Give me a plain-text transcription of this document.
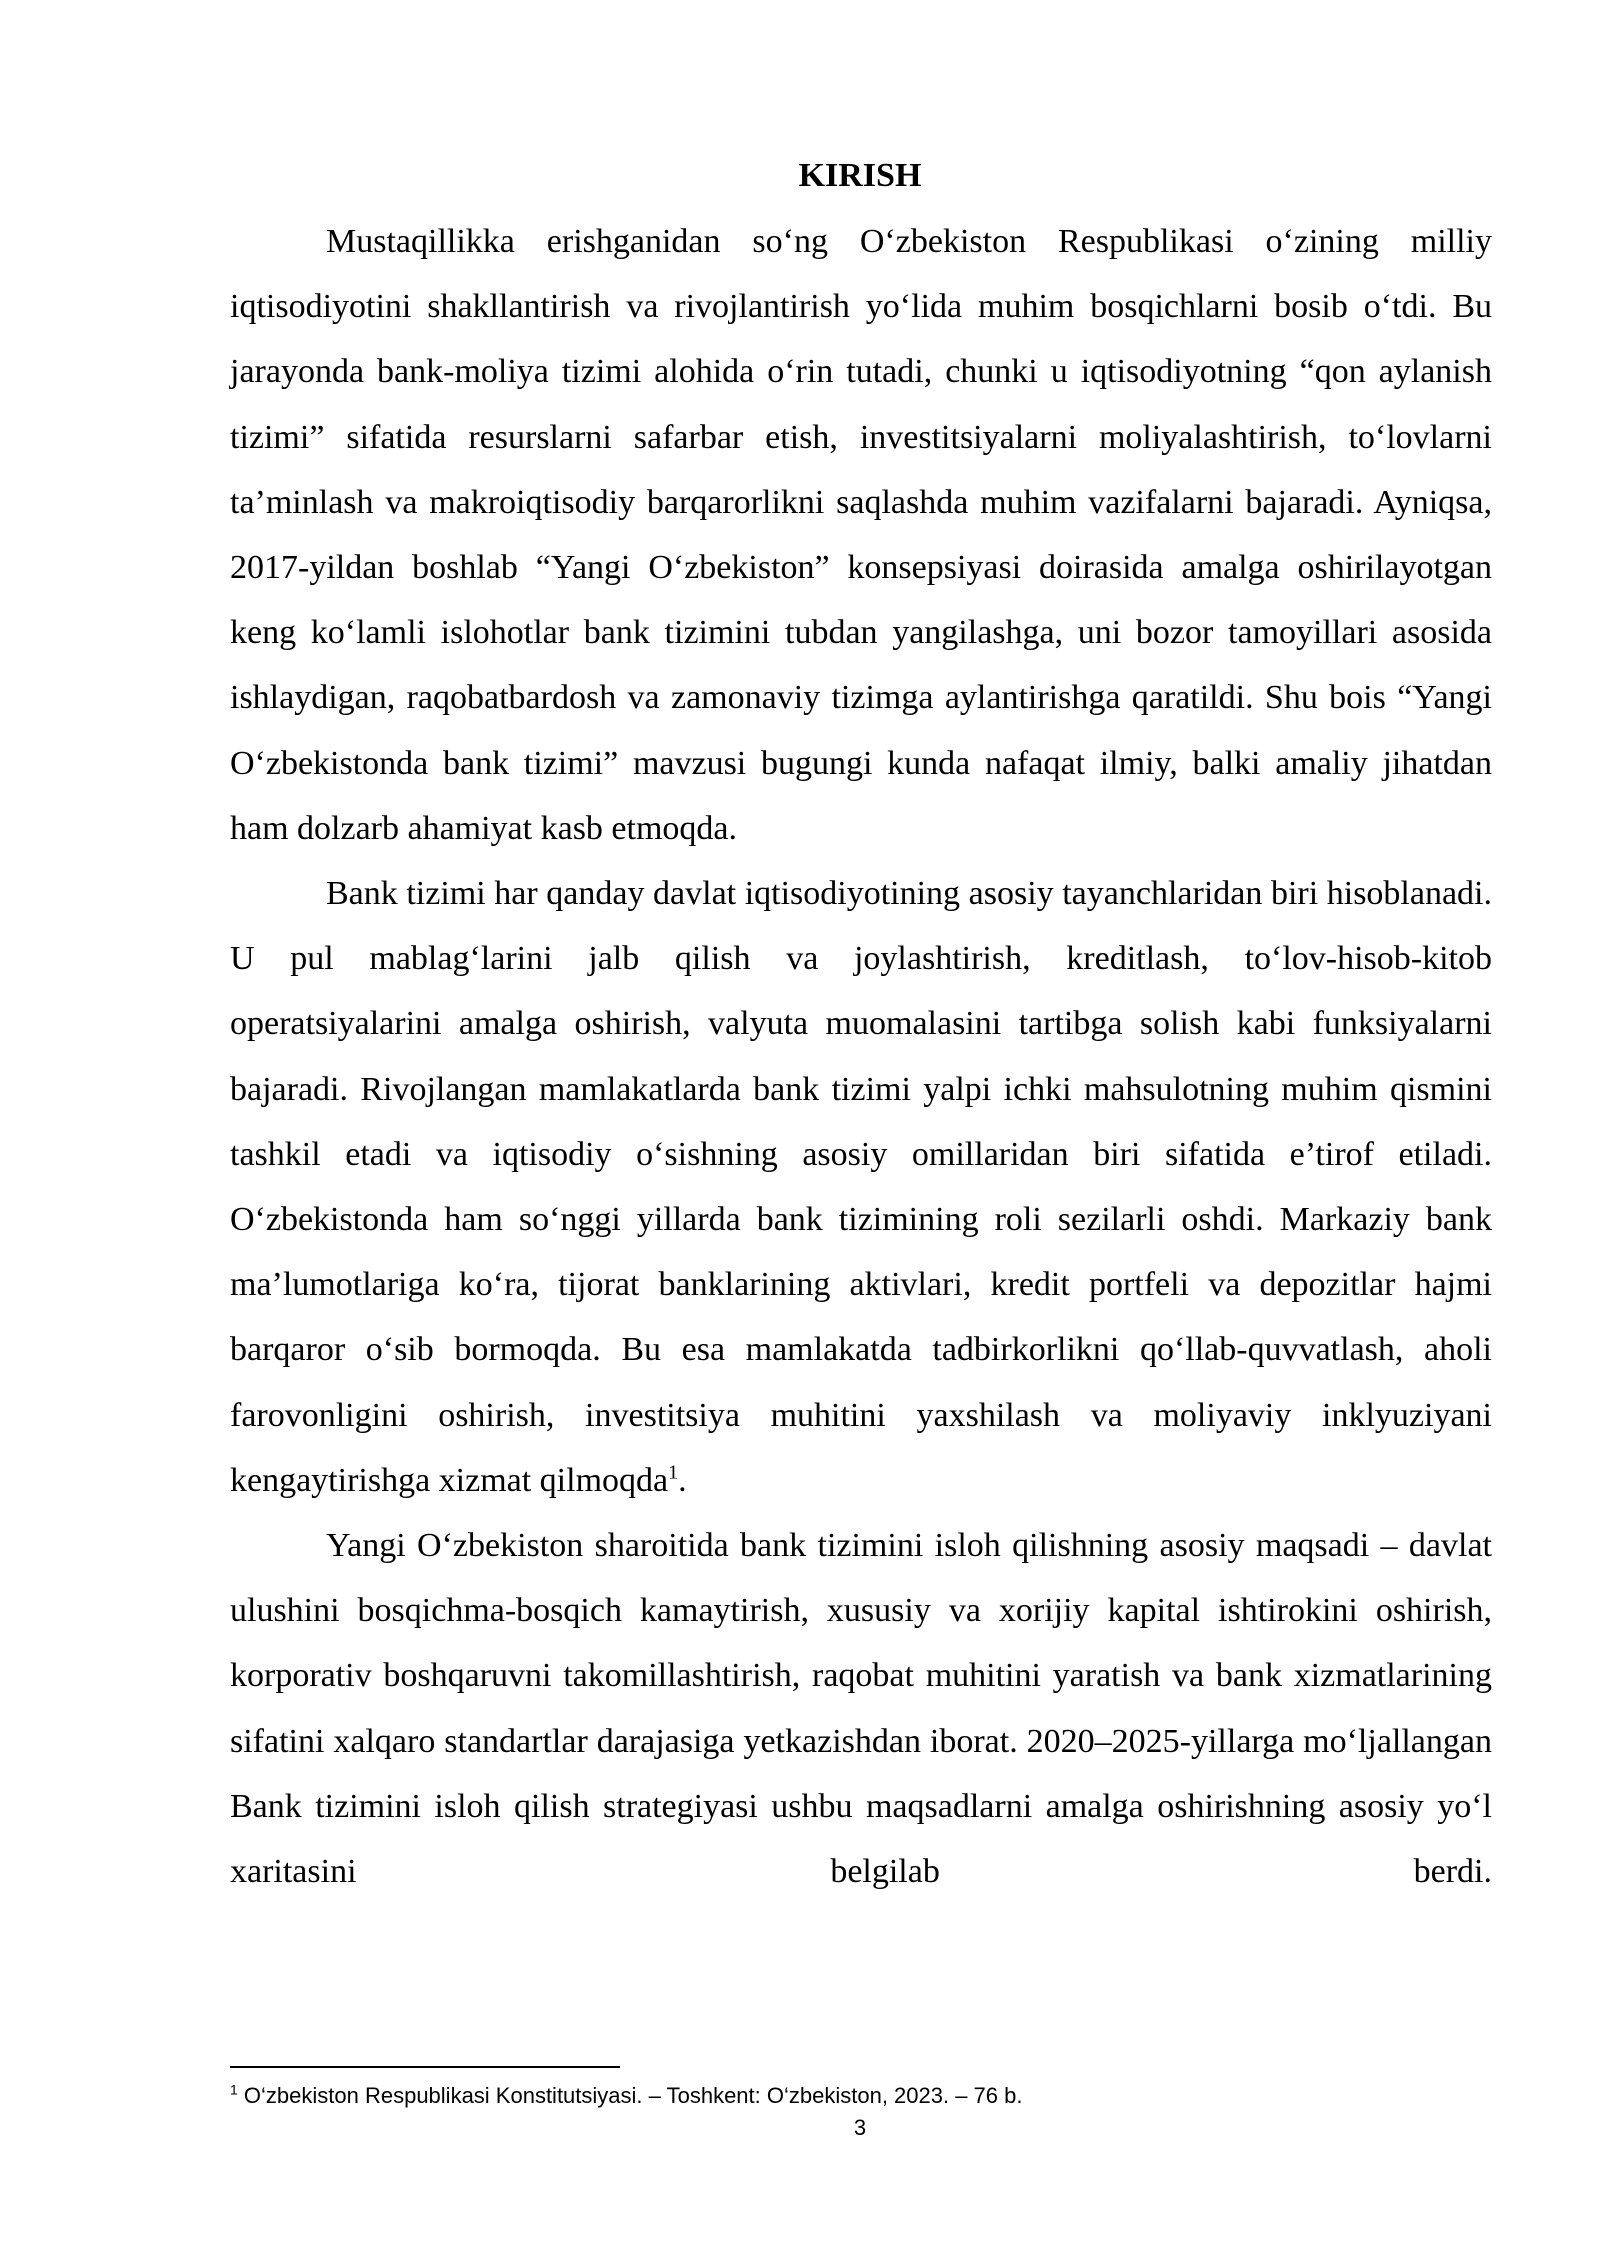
KIRISH

Mustaqillikka erishganidan so‘ng O‘zbekiston Respublikasi o‘zining milliy iqtisodiyotini shakllantirish va rivojlantirish yo‘lida muhim bosqichlarni bosib o‘tdi. Bu jarayonda bank-moliya tizimi alohida o‘rin tutadi, chunki u iqtisodiyotning “qon aylanish tizimi” sifatida resurslarni safarbar etish, investitsiyalarni moliyalashtirish, to‘lovlarni ta’minlash va makroiqtisodiy barqarorlikni saqlashda muhim vazifalarni bajaradi. Ayniqsa, 2017-yildan boshlab “Yangi O‘zbekiston” konsepsiyasi doirasida amalga oshirilayotgan keng ko‘lamli islohotlar bank tizimini tubdan yangilashga, uni bozor tamoyillari asosida ishlaydigan, raqobatbardosh va zamonaviy tizimga aylantirishga qaratildi. Shu bois “Yangi O‘zbekistonda bank tizimi” mavzusi bugungi kunda nafaqat ilmiy, balki amaliy jihatdan ham dolzarb ahamiyat kasb etmoqda.

Bank tizimi har qanday davlat iqtisodiyotining asosiy tayanchlaridan biri hisoblanadi. U pul mablag‘larini jalb qilish va joylashtirish, kreditlash, to‘lov-hisob-kitob operatsiyalarini amalga oshirish, valyuta muomalasini tartibga solish kabi funksiyalarni bajaradi. Rivojlangan mamlakatlarda bank tizimi yalpi ichki mahsulotning muhim qismini tashkil etadi va iqtisodiy o‘sishning asosiy omillaridan biri sifatida e’tirof etiladi. O‘zbekistonda ham so‘nggi yillarda bank tizimining roli sezilarli oshdi. Markaziy bank ma’lumotlariga ko‘ra, tijorat banklarining aktivlari, kredit portfeli va depozitlar hajmi barqaror o‘sib bormoqda. Bu esa mamlakatda tadbirkorlikni qo‘llab-quvvatlash, aholi farovonligini oshirish, investitsiya muhitini yaxshilash va moliyaviy inklyuziyani kengaytirishga xizmat qilmoqda$^1$.

Yangi O‘zbekiston sharoitida bank tizimini isloh qilishning asosiy maqsadi – davlat ulushini bosqichma-bosqich kamaytirish, xususiy va xorijiy kapital ishtirokini oshirish, korporativ boshqaruvni takomillashtirish, raqobat muhitini yaratish va bank xizmatlarining sifatini xalqaro standartlar darajasiga yetkazishdan iborat. 2020–2025-yillarga mo‘ljallangan Bank tizimini isloh qilish strategiyasi ushbu maqsadlarni amalga oshirishning asosiy yo‘l xaritasini belgilab berdi.

$^1$ O‘zbekiston Respublikasi Konstitutsiyasi. – Toshkent: O‘zbekiston, 2023. – 76 b.
3
